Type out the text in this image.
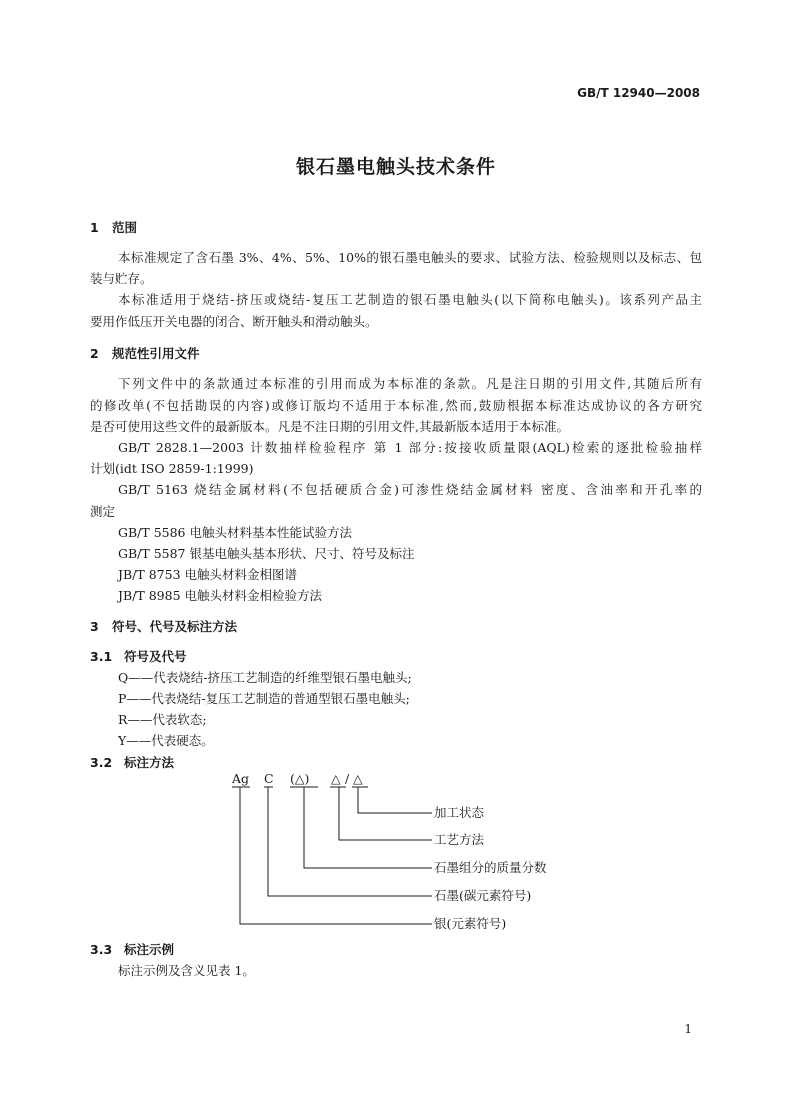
GB/T 12940—2008
银石墨电触头技术条件
1 范围
本标准规定了含石墨 3%、4%、5%、10%的银石墨电触头的要求、试验方法、检验规则以及标志、包
装与贮存。
本标准适用于烧结-挤压或烧结-复压工艺制造的银石墨电触头(以下简称电触头)。该系列产品主
要用作低压开关电器的闭合、断开触头和滑动触头。
2 规范性引用文件
下列文件中的条款通过本标准的引用而成为本标准的条款。凡是注日期的引用文件,其随后所有
的修改单(不包括勘误的内容)或修订版均不适用于本标准,然而,鼓励根据本标准达成协议的各方研究
是否可使用这些文件的最新版本。凡是不注日期的引用文件,其最新版本适用于本标准。
GB/T 2828.1—2003 计数抽样检验程序 第 1 部分:按接收质量限(AQL)检索的逐批检验抽样
计划(idt ISO 2859-1:1999)
GB/T 5163 烧结金属材料(不包括硬质合金)可渗性烧结金属材料 密度、含油率和开孔率的
测定
GB/T 5586 电触头材料基本性能试验方法
GB/T 5587 银基电触头基本形状、尺寸、符号及标注
JB/T 8753 电触头材料金相图谱
JB/T 8985 电触头材料金相检验方法
3 符号、代号及标注方法
3.1 符号及代号
Q——代表烧结-挤压工艺制造的纤维型银石墨电触头;
P——代表烧结-复压工艺制造的普通型银石墨电触头;
R——代表软态;
Y——代表硬态。
3.2 标注方法
Ag C (△) △ / △
加工状态
工艺方法
石墨组分的质量分数
石墨(碳元素符号)
银(元素符号)
3.3 标注示例
标注示例及含义见表 1。
1
